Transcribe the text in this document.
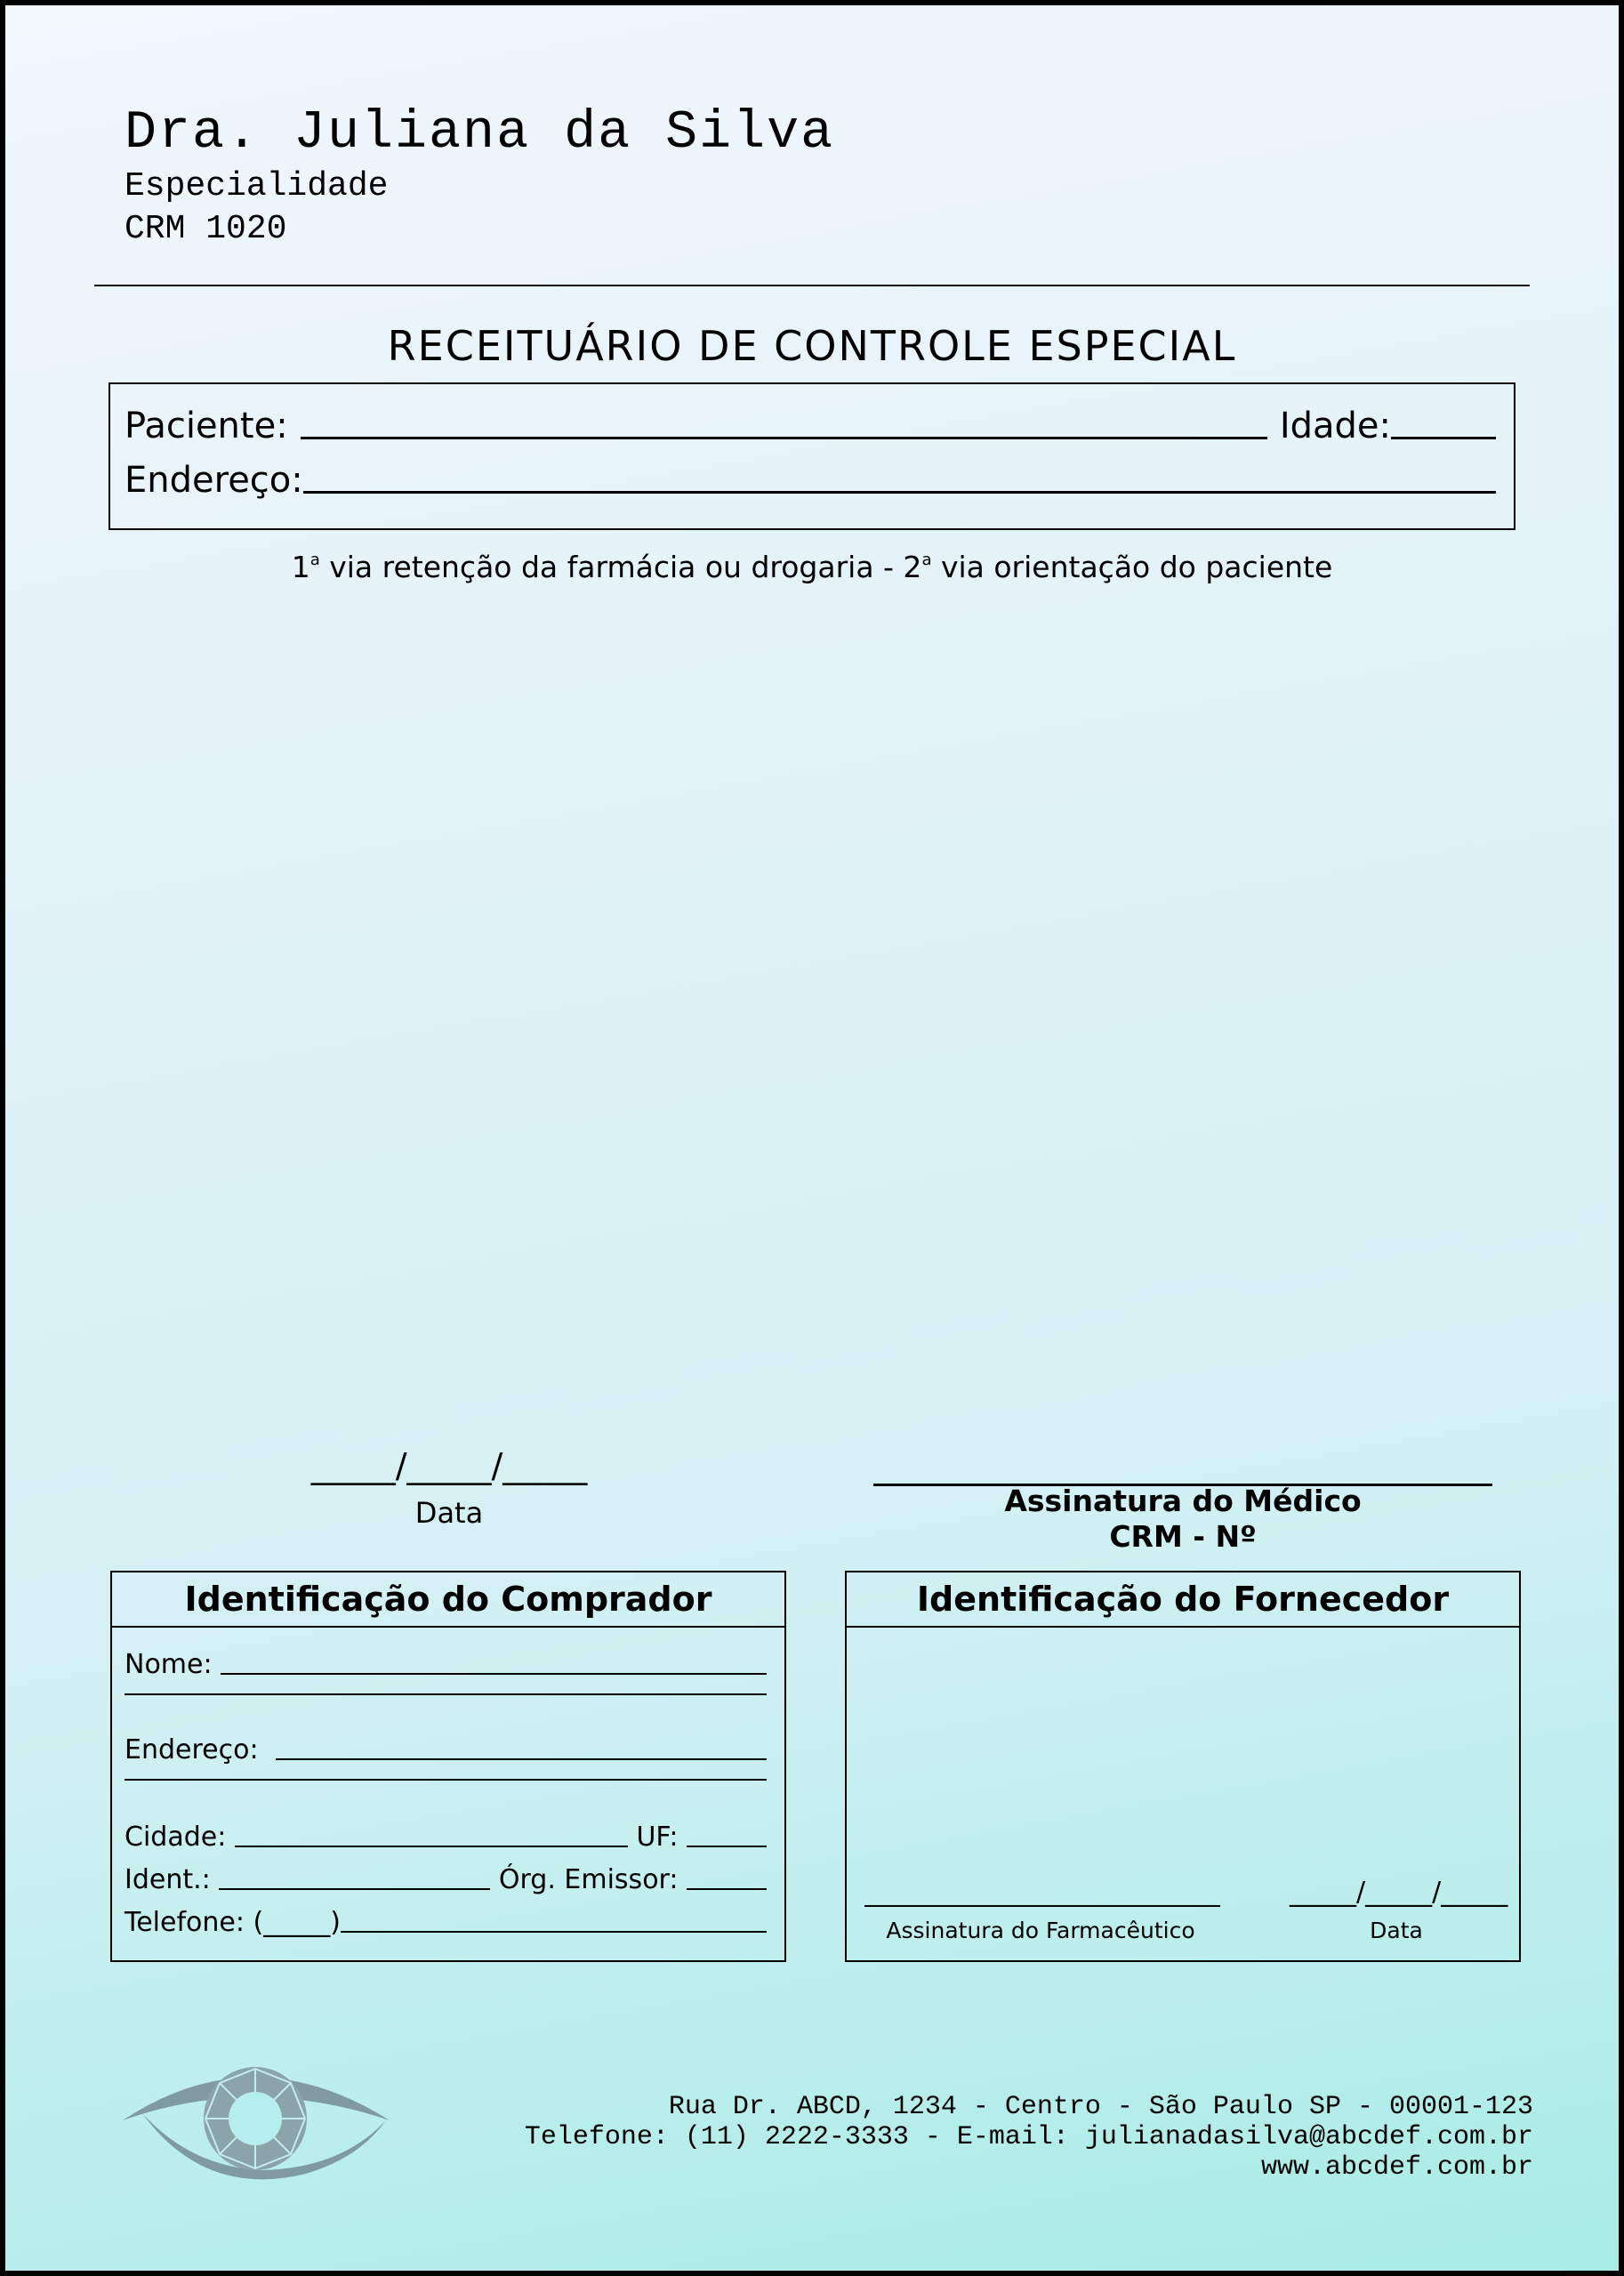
Dra. Juliana da Silva
Especialidade
CRM 1020
RECEITUÁRIO DE CONTROLE ESPECIAL
Paciente:	Idade:
Endereço:
1$^a$ via retenção da farmácia ou drogaria - 2$^a$ via orientação do paciente
_____/_____/_____
Data	Assinatura do Médico
CRM - Nº
Identificação do Comprador
Nome:
Endereço:
Cidade:	UF:
Ident.:	Órg. Emissor:
Telefone: (_____)
Identificação do Fornecedor
Assinatura do Farmacêutico
_____/_____/_____
Data
Rua Dr. ABCD, 1234 - Centro - São Paulo SP - 00001-123
Telefone: (11) 2222-3333 - E-mail: julianadasilva@abcdef.com.br
www.abcdef.com.br
